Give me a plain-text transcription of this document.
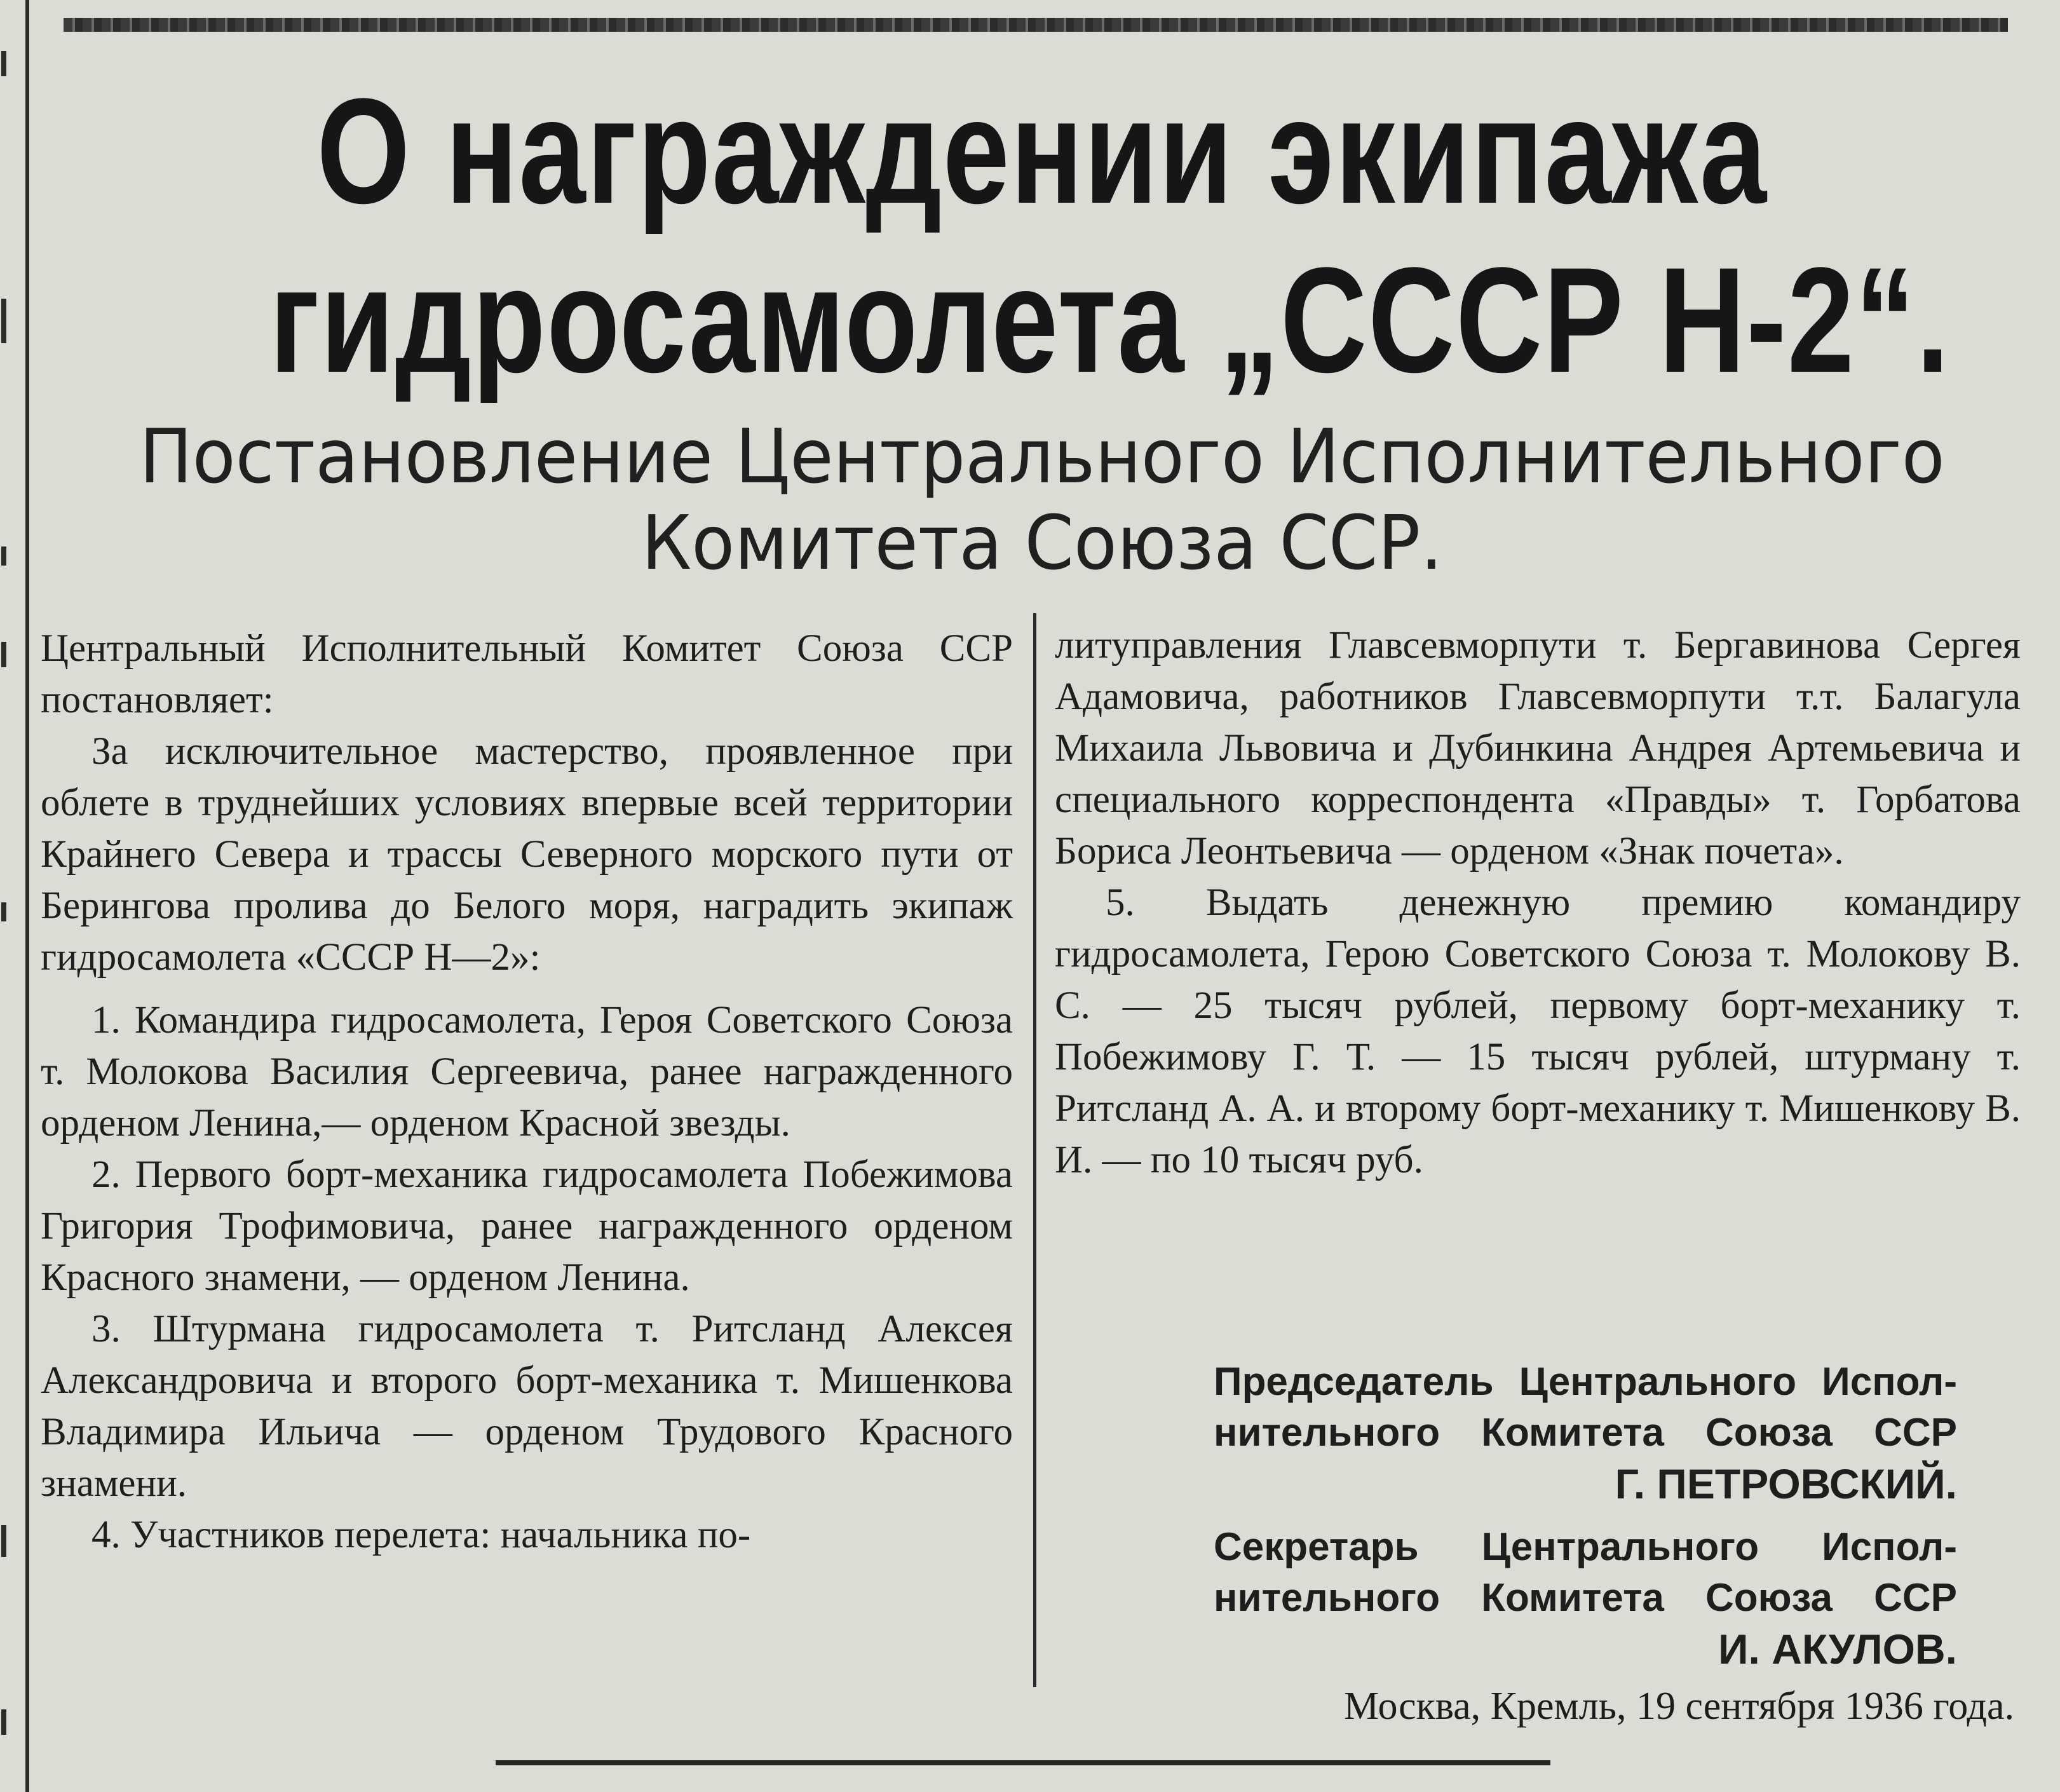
О награждении экипажа
гидросамолета „СССР Н-2“.
Постановление Центрального Исполнительного
Комитета Союза ССР.

Центральный Исполнительный Комитет Союза ССР постановляет:

За исключительное мастерство, проявленное при облете в труднейших условиях впервые всей территории Крайнего Севера и трассы Северного морского пути от Берингова пролива до Белого моря, наградить экипаж гидросамолета «СССР Н—2»:

1. Командира гидросамолета, Героя Советского Союза т. Молокова Василия Сергеевича, ранее награжденного орденом Ленина,— орденом Красной звезды.

2. Первого борт-механика гидросамолета Побежимова Григория Трофимовича, ранее награжденного орденом Красного знамени, — орденом Ленина.

3. Штурмана гидросамолета т. Ритсланд Алексея Александровича и второго борт-механика т. Мишенкова Владимира Ильича — орденом Трудового Красного знамени.

4. Участников перелета: начальника по-

литуправления Главсевморпути т. Бергавинова Сергея Адамовича, работников Главсевморпути т.т. Балагула Михаила Львовича и Дубинкина Андрея Артемьевича и специального корреспондента «Правды» т. Горбатова Бориса Леонтьевича — орденом «Знак почета».

5. Выдать денежную премию командиру гидросамолета, Герою Советского Союза т. Молокову В. С. — 25 тысяч рублей, первому борт-механику т. Побежимову Г. Т. — 15 тысяч рублей, штурману т. Ритсланд А. А. и второму борт-механику т. Мишенкову В. И. — по 10 тысяч руб.

Председатель Центрального Испол-
нительного Комитета Союза ССР
Г. ПЕТРОВСКИЙ.
Секретарь Центрального Испол-
нительного Комитета Союза ССР
И. АКУЛОВ.
Москва, Кремль, 19 сентября 1936 года.
